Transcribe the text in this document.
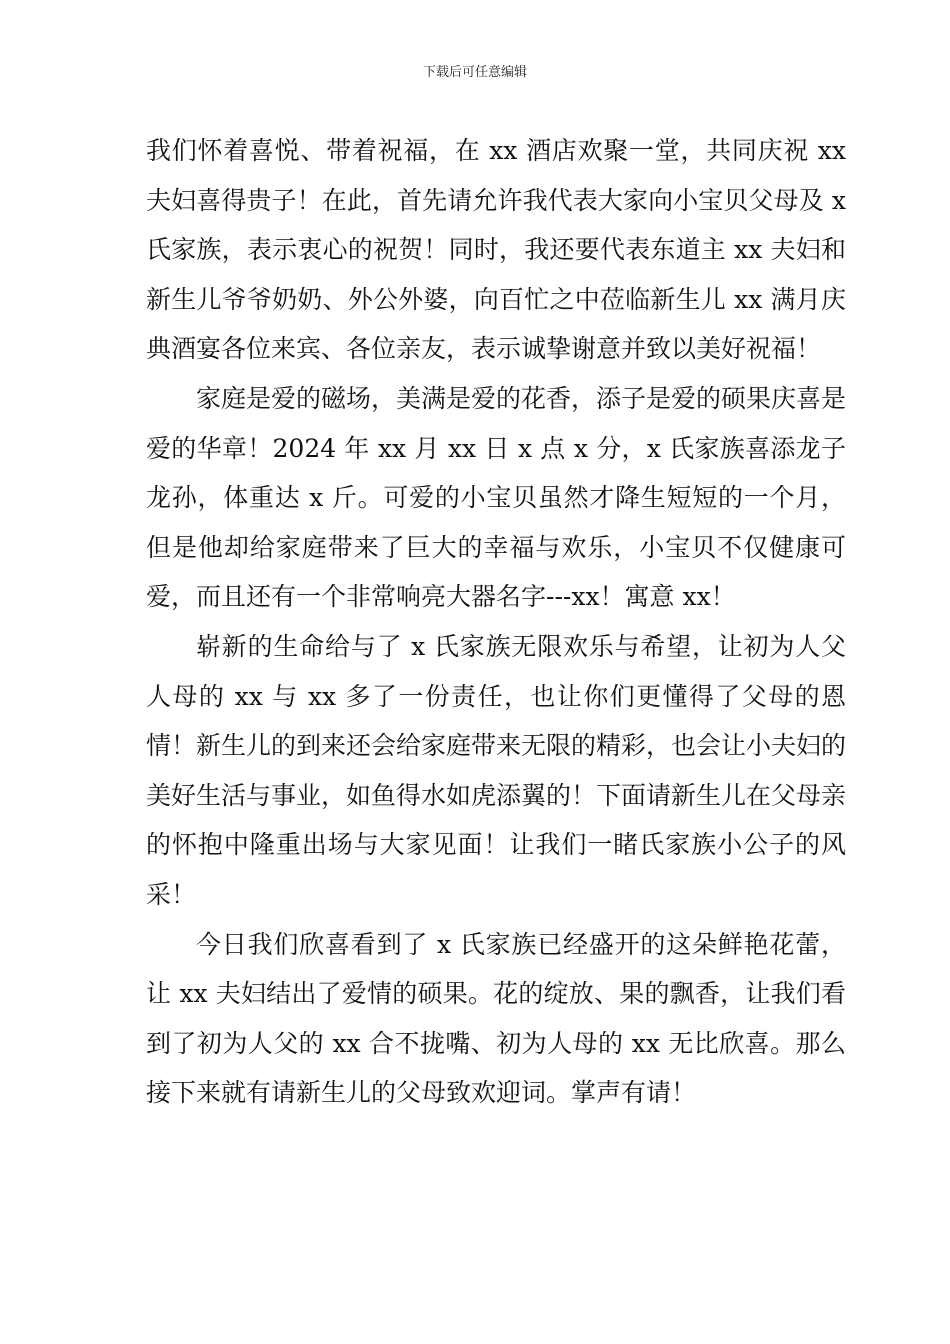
下载后可任意编辑

我们怀着喜悦、带着祝福，在 xx 酒店欢聚一堂，共同庆祝 xx 夫妇喜得贵子！在此，首先请允许我代表大家向小宝贝父母及 x 氏家族，表示衷心的祝贺！同时，我还要代表东道主 xx 夫妇和新生儿爷爷奶奶、外公外婆，向百忙之中莅临新生儿 xx 满月庆典酒宴各位来宾、各位亲友，表示诚挚谢意并致以美好祝福！

家庭是爱的磁场，美满是爱的花香，添子是爱的硕果庆喜是爱的华章！2024 年 xx 月 xx 日 x 点 x 分，x 氏家族喜添龙子龙孙，体重达 x 斤。可爱的小宝贝虽然才降生短短的一个月，但是他却给家庭带来了巨大的幸福与欢乐，小宝贝不仅健康可爱，而且还有一个非常响亮大器名字---xx！寓意 xx！

崭新的生命给与了 x 氏家族无限欢乐与希望，让初为人父人母的 xx 与 xx 多了一份责任，也让你们更懂得了父母的恩情！新生儿的到来还会给家庭带来无限的精彩，也会让小夫妇的美好生活与事业，如鱼得水如虎添翼的！下面请新生儿在父母亲的怀抱中隆重出场与大家见面！让我们一睹氏家族小公子的风采！

今日我们欣喜看到了 x 氏家族已经盛开的这朵鲜艳花蕾，让 xx 夫妇结出了爱情的硕果。花的绽放、果的飘香，让我们看到了初为人父的 xx 合不拢嘴、初为人母的 xx 无比欣喜。那么接下来就有请新生儿的父母致欢迎词。掌声有请！
